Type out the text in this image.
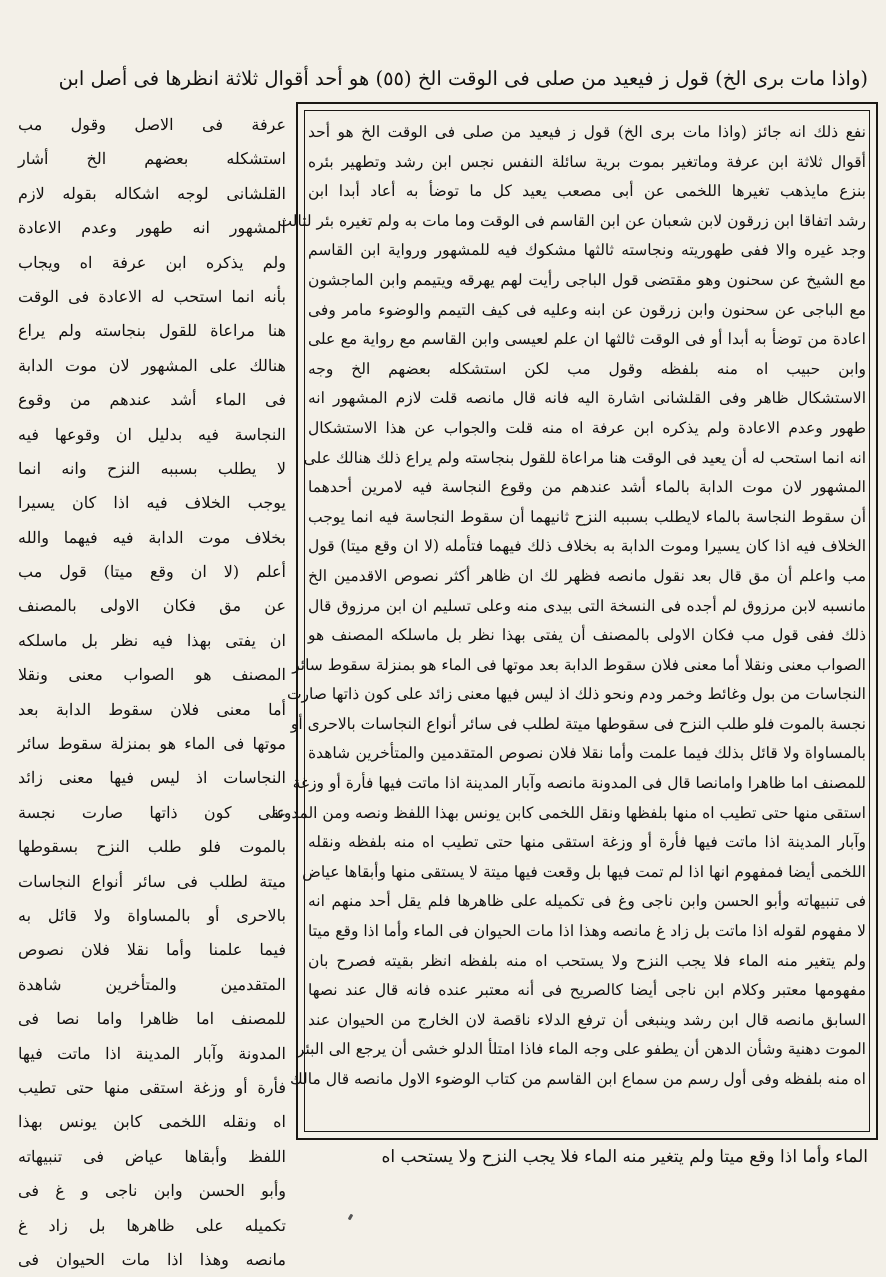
(واذا مات برى الخ) قول ز فيعيد من صلى فى الوقت الخ (٥٥) هو أحد أقوال ثلاثة انظرها فى أصل ابن
نفع ذلك انه جائز (واذا مات برى الخ) قول ز فيعيد من صلى فى الوقت الخ هو أحد
أقوال ثلاثة ابن عرفة وماتغير بموت برية سائلة النفس نجس ابن رشد وتطهير بئره
بنزع مايذهب تغيرها اللخمى عن أبى مصعب يعيد كل ما توضأ به أعاد أبدا ابن
رشد اتفاقا ابن زرقون لابن شعبان عن ابن القاسم فى الوقت وما مات به ولم تغيره بئر لثالث
وجد غيره والا ففى طهوريته ونجاسته ثالثها مشكوك فيه للمشهور ورواية ابن القاسم
مع الشيخ عن سحنون وهو مقتضى قول الباجى رأيت لهم يهرقه ويتيمم وابن الماجشون
مع الباجى عن سحنون وابن زرقون عن ابنه وعليه فى كيف التيمم والوضوء مامر وفى
اعادة من توضأ به أبدا أو فى الوقت ثالثها ان علم لعيسى وابن القاسم مع رواية مع على
وابن حبيب اه منه بلفظه وقول مب لكن استشكله بعضهم الخ وجه
الاستشكال ظاهر وفى القلشانى اشارة اليه فانه قال مانصه قلت لازم المشهور انه
طهور وعدم الاعادة ولم يذكره ابن عرفة اه منه قلت والجواب عن هذا الاستشكال
انه انما استحب له أن يعيد فى الوقت هنا مراعاة للقول بنجاسته ولم يراع ذلك هنالك على
المشهور لان موت الدابة بالماء أشد عندهم من وقوع النجاسة فيه لامرين أحدهما
أن سقوط النجاسة بالماء لايطلب بسببه النزح ثانيهما أن سقوط النجاسة فيه انما يوجب
الخلاف فيه اذا كان يسيرا وموت الدابة به بخلاف ذلك فيهما فتأمله (لا ان وقع ميتا) قول
مب واعلم أن مق قال بعد نقول مانصه فظهر لك ان ظاهر أكثر نصوص الاقدمين الخ
مانسبه لابن مرزوق لم أجده فى النسخة التى بيدى منه وعلى تسليم ان ابن مرزوق قال
ذلك ففى قول مب فكان الاولى بالمصنف أن يفتى بهذا نظر بل ماسلكه المصنف هو
الصواب معنى ونقلا أما معنى فلان سقوط الدابة بعد موتها فى الماء هو بمنزلة سقوط سائر
النجاسات من بول وغائط وخمر ودم ونحو ذلك اذ ليس فيها معنى زائد على كون ذاتها صارت
نجسة بالموت فلو طلب النزح فى سقوطها ميتة لطلب فى سائر أنواع النجاسات بالاحرى أو
بالمساواة ولا قائل بذلك فيما علمت وأما نقلا فلان نصوص المتقدمين والمتأخرين شاهدة
للمصنف اما ظاهرا وامانصا قال فى المدونة مانصه وآبار المدينة اذا ماتت فيها فأرة أو وزغة
استقى منها حتى تطيب اه منها بلفظها ونقل اللخمى كابن يونس بهذا اللفظ ونصه ومن المدونة
وآبار المدينة اذا ماتت فيها فأرة أو وزغة استقى منها حتى تطيب اه منه بلفظه ونقله
اللخمى أيضا فمفهوم انها اذا لم تمت فيها بل وقعت فيها ميتة لا يستقى منها وأبقاها عياض
فى تنبيهاته وأبو الحسن وابن ناجى وغ فى تكميله على ظاهرها فلم يقل أحد منهم انه
لا مفهوم لقوله اذا ماتت بل زاد غ مانصه وهذا اذا مات الحيوان فى الماء وأما اذا وقع ميتا
ولم يتغير منه الماء فلا يجب النزح ولا يستحب اه منه بلفظه انظر بقيته فصرح بان
مفهومها معتبر وكلام ابن ناجى أيضا كالصريح فى أنه معتبر عنده فانه قال عند نصها
السابق مانصه قال ابن رشد وينبغى أن ترفع الدلاء ناقصة لان الخارج من الحيوان عند
الموت دهنية وشأن الدهن أن يطفو على وجه الماء فاذا امتلأ الدلو خشى أن يرجع الى البئر
اه منه بلفظه وفى أول رسم من سماع ابن القاسم من كتاب الوضوء الاول مانصه قال مالك
عرفة فى الاصل وقول مب
استشكله بعضهم الخ أشار
القلشانى لوجه اشكاله بقوله لازم
المشهور انه طهور وعدم الاعادة
ولم يذكره ابن عرفة اه ويجاب
بأنه انما استحب له الاعادة فى الوقت
هنا مراعاة للقول بنجاسته ولم يراع
هنالك على المشهور لان موت الدابة
فى الماء أشد عندهم من وقوع
النجاسة فيه بدليل ان وقوعها فيه
لا يطلب بسببه النزح وانه انما
يوجب الخلاف فيه اذا كان يسيرا
بخلاف موت الدابة فيه فيهما والله
أعلم (لا ان وقع ميتا) قول مب
عن مق فكان الاولى بالمصنف
ان يفتى بهذا فيه نظر بل ماسلكه
المصنف هو الصواب معنى ونقلا
أما معنى فلان سقوط الدابة بعد
موتها فى الماء هو بمنزلة سقوط سائر
النجاسات اذ ليس فيها معنى زائد
على كون ذاتها صارت نجسة
بالموت فلو طلب النزح بسقوطها
ميتة لطلب فى سائر أنواع النجاسات
بالاحرى أو بالمساواة ولا قائل به
فيما علمنا وأما نقلا فلان نصوص
المتقدمين والمتأخرين شاهدة
للمصنف اما ظاهرا واما نصا فى
المدونة وآبار المدينة اذا ماتت فيها
فأرة أو وزغة استقى منها حتى تطيب
اه ونقله اللخمى كابن يونس بهذا
اللفظ وأبقاها عياض فى تنبيهاته
وأبو الحسن وابن ناجى و غ فى
تكميله على ظاهرها بل زاد غ
مانصه وهذا اذا مات الحيوان فى
الماء وأما اذا وقع ميتا ولم يتغير منه الماء فلا يجب النزح ولا يستحب اه
